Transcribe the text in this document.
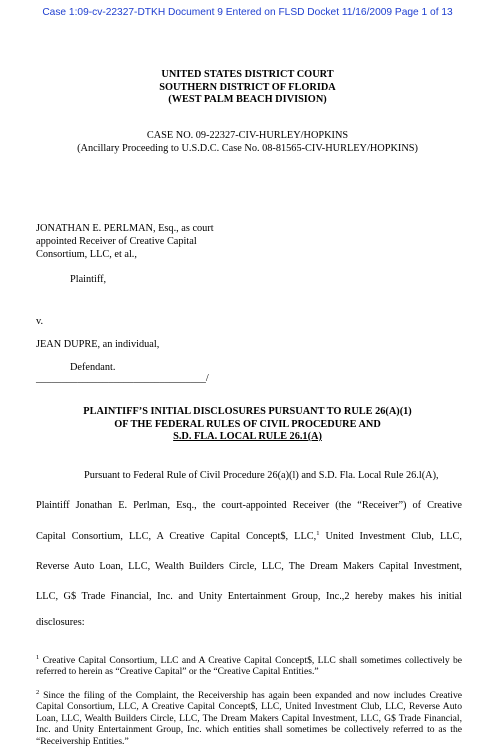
Case 1:09-cv-22327-DTKH Document 9 Entered on FLSD Docket 11/16/2009 Page 1 of 13
UNITED STATES DISTRICT COURT
SOUTHERN DISTRICT OF FLORIDA
(WEST PALM BEACH DIVISION)
CASE NO. 09-22327-CIV-HURLEY/HOPKINS
(Ancillary Proceeding to U.S.D.C. Case No. 08-81565-CIV-HURLEY/HOPKINS)
JONATHAN E. PERLMAN, Esq., as court
appointed Receiver of Creative Capital
Consortium, LLC, et al.,
Plaintiff,
v.
JEAN DUPRE, an individual,
Defendant.
_________________________________/
PLAINTIFF’S INITIAL DISCLOSURES PURSUANT TO RULE 26(A)(1)
OF THE FEDERAL RULES OF CIVIL PROCEDURE AND
S.D. FLA. LOCAL RULE 26.1(A)
Pursuant to Federal Rule of Civil Procedure 26(a)(l) and S.D. Fla. Local Rule 26.l(A),
Plaintiff Jonathan E. Perlman, Esq., the court-appointed Receiver (the “Receiver”) of Creative
Capital Consortium, LLC, A Creative Capital Concept$, LLC,$^1$ United Investment Club, LLC,
Reverse Auto Loan, LLC, Wealth Builders Circle, LLC, The Dream Makers Capital Investment,
LLC, G$ Trade Financial, Inc. and Unity Entertainment Group, Inc.,2 hereby makes his initial
disclosures:
$^1$ Creative Capital Consortium, LLC and A Creative Capital Concept$, LLC shall sometimes collectively be referred to herein as “Creative Capital” or the “Creative Capital Entities.”
$^2$ Since the filing of the Complaint, the Receivership has again been expanded and now includes Creative Capital Consortium, LLC, A Creative Capital Concept$, LLC, United Investment Club, LLC, Reverse Auto Loan, LLC, Wealth Builders Circle, LLC, The Dream Makers Capital Investment, LLC, G$ Trade Financial, Inc. and Unity Entertainment Group, Inc. which entities shall sometimes be collectively referred to as the “Receivership Entities.”
